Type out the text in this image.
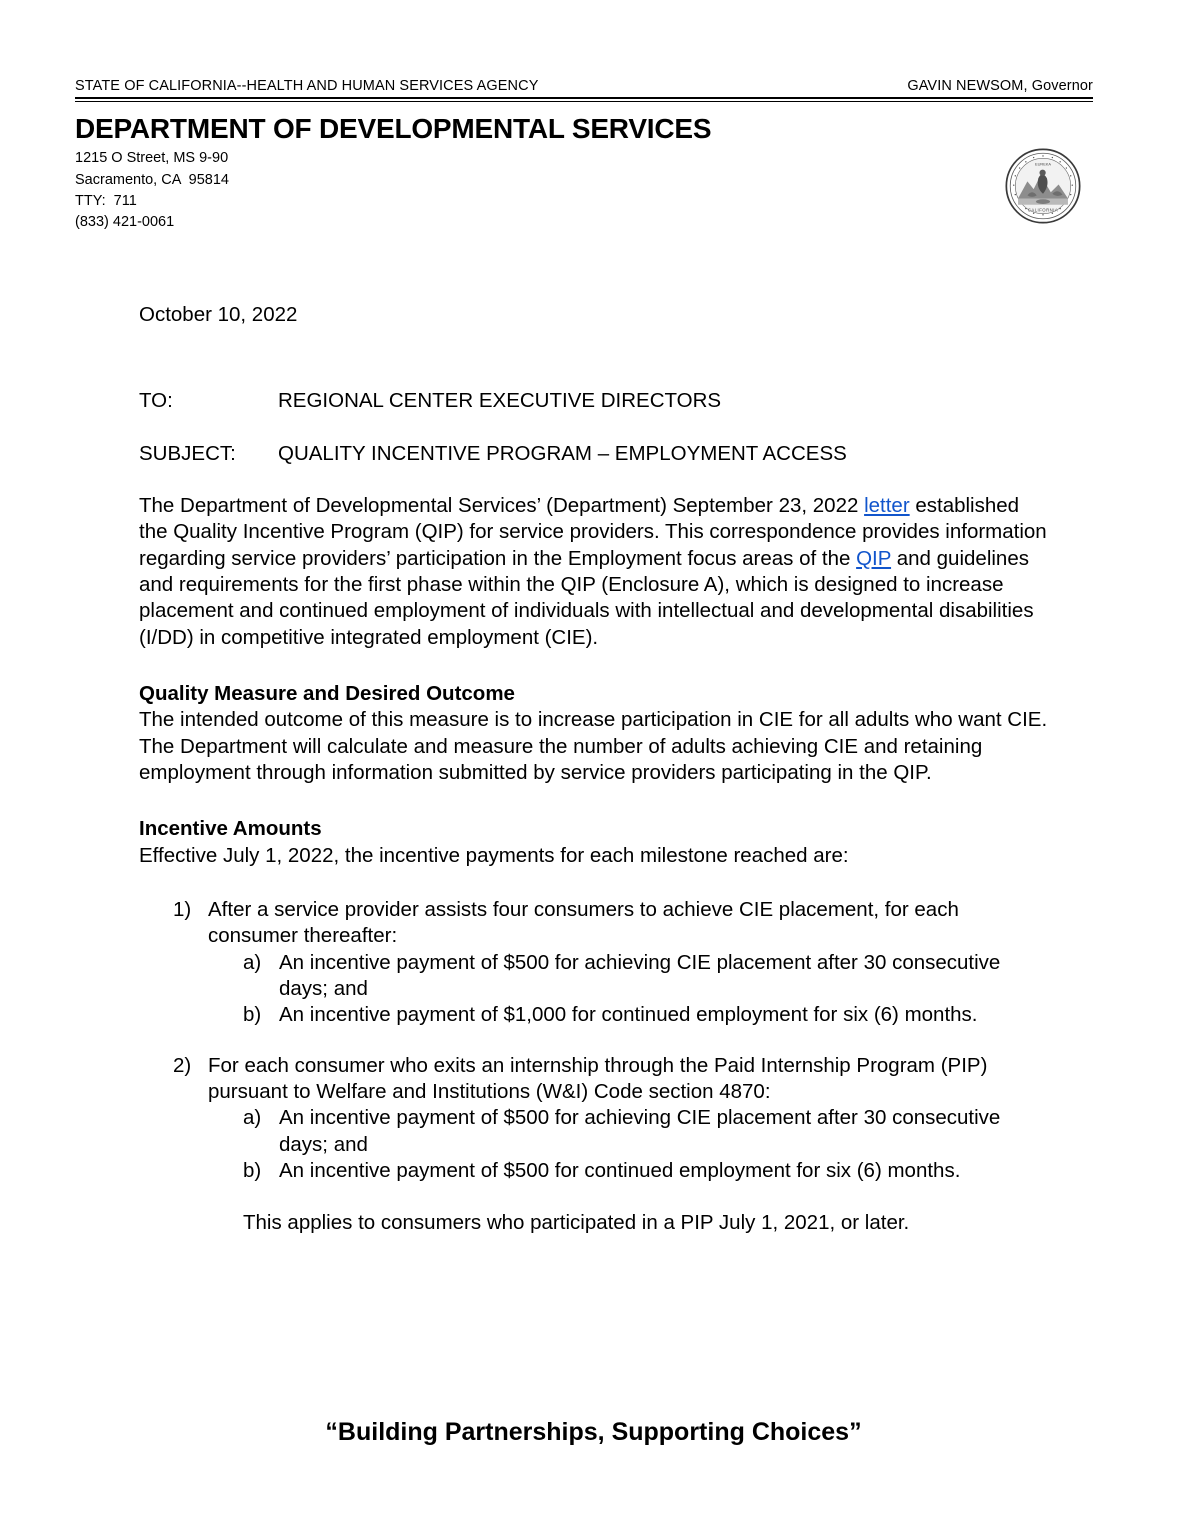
STATE OF CALIFORNIA--HEALTH AND HUMAN SERVICES AGENCY	GAVIN NEWSOM, Governor
DEPARTMENT OF DEVELOPMENTAL SERVICES
1215 O Street, MS 9-90
Sacramento, CA  95814
TTY:  711
(833) 421-0061
EUREKA
CALIFORNIA
October 10, 2022
TO:	REGIONAL CENTER EXECUTIVE DIRECTORS
SUBJECT:	QUALITY INCENTIVE PROGRAM – EMPLOYMENT ACCESS

The Department of Developmental Services’ (Department) September 23, 2022 letter established the Quality Incentive Program (QIP) for service providers. This correspondence provides information regarding service providers’ participation in the Employment focus areas of the QIP and guidelines and requirements for the first phase within the QIP (Enclosure A), which is designed to increase placement and continued employment of individuals with intellectual and developmental disabilities (I/DD) in competitive integrated employment (CIE).

Quality Measure and Desired Outcome

The intended outcome of this measure is to increase participation in CIE for all adults who want CIE. The Department will calculate and measure the number of adults achieving CIE and retaining employment through information submitted by service providers participating in the QIP.

Incentive Amounts

Effective July 1, 2022, the incentive payments for each milestone reached are:

1) After a service provider assists four consumers to achieve CIE placement, for each consumer thereafter:
a) An incentive payment of $500 for achieving CIE placement after 30 consecutive days; and
b) An incentive payment of $1,000 for continued employment for six (6) months.
2) For each consumer who exits an internship through the Paid Internship Program (PIP) pursuant to Welfare and Institutions (W&I) Code section 4870:
a) An incentive payment of $500 for achieving CIE placement after 30 consecutive days; and
b) An incentive payment of $500 for continued employment for six (6) months.

This applies to consumers who participated in a PIP July 1, 2021, or later.

“Building Partnerships, Supporting Choices”
